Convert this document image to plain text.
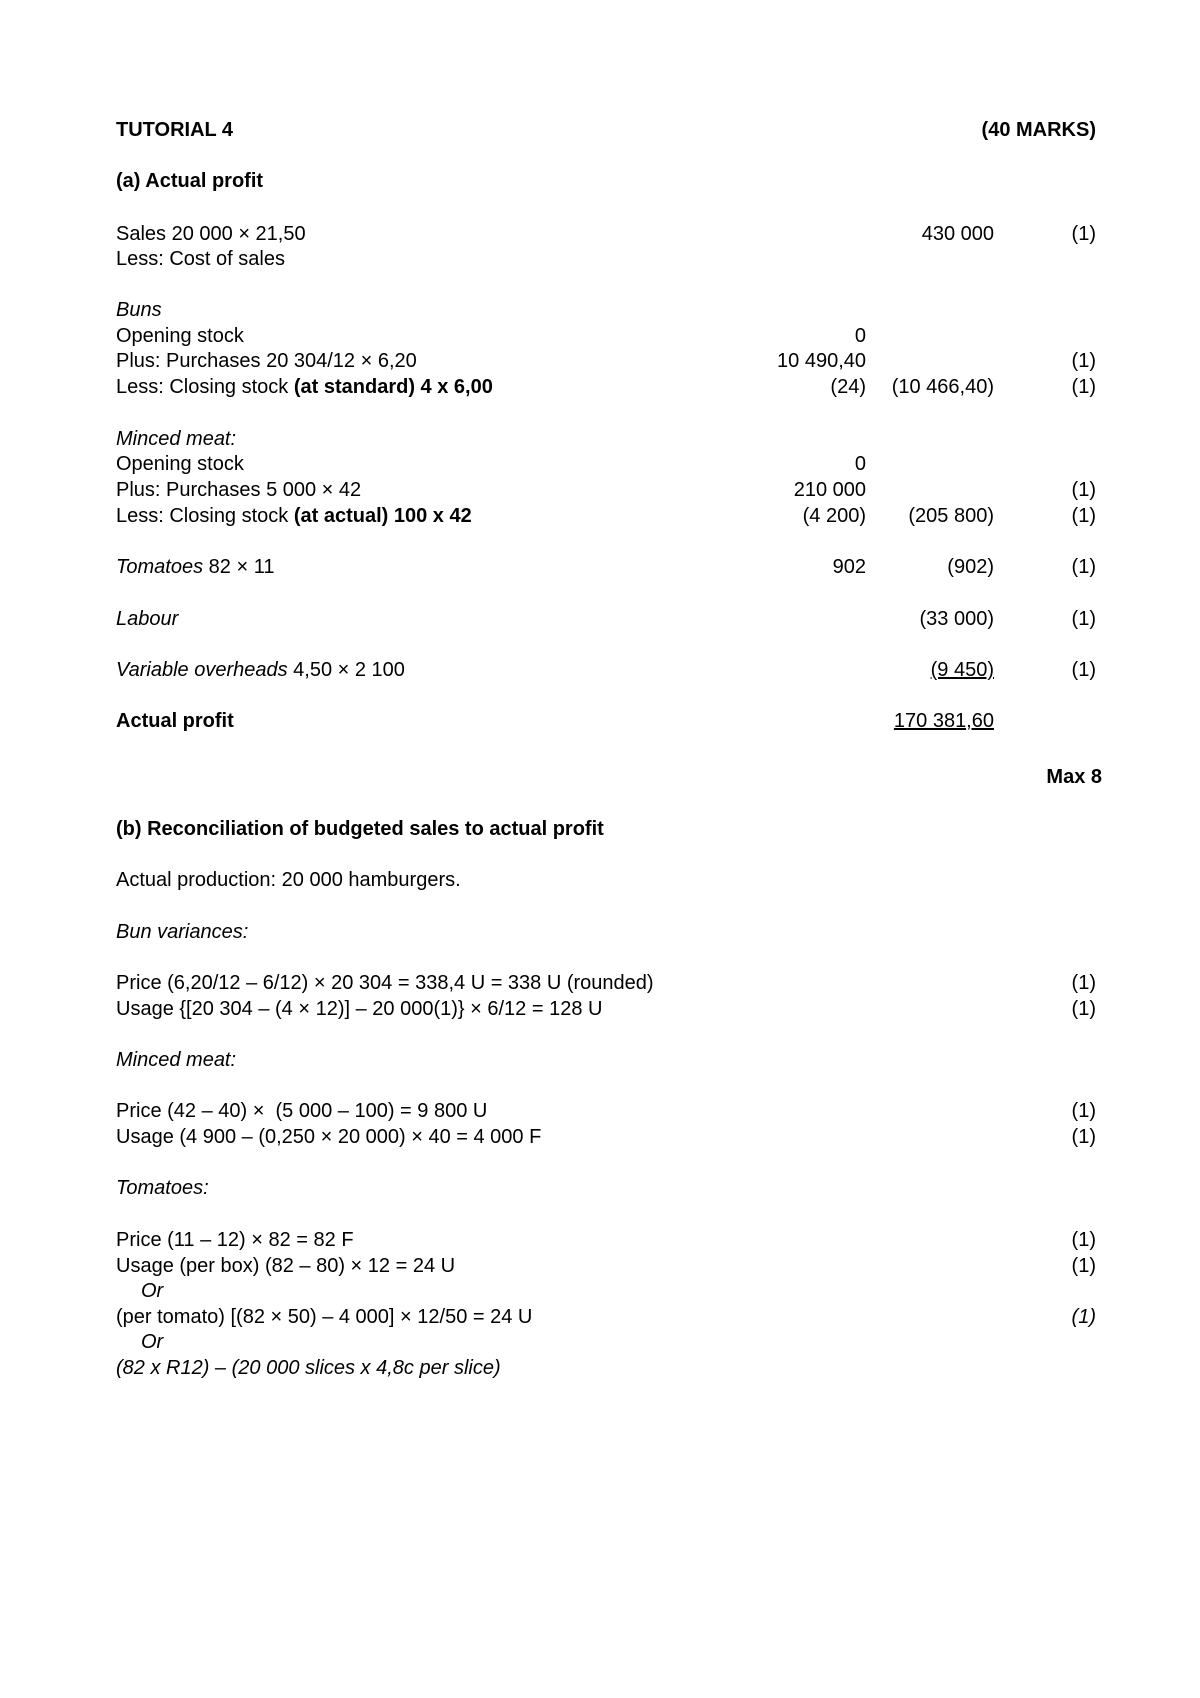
TUTORIAL 4	(40 MARKS)
(a) Actual profit
Sales 20 000 × 21,50	430 000	(1)
Less: Cost of sales
Buns
Opening stock	0
Plus: Purchases 20 304/12 × 6,20	10 490,40	(1)
Less: Closing stock (at standard) 4 x 6,00	(24)	(10 466,40)	(1)
Minced meat:
Opening stock	0
Plus: Purchases 5 000 × 42	210 000	(1)
Less: Closing stock (at actual) 100 x 42	(4 200)	(205 800)	(1)
Tomatoes 82 × 11	902	(902)	(1)
Labour	(33 000)	(1)
Variable overheads 4,50 × 2 100	(9 450)	(1)
Actual profit	170 381,60
Max 8
(b) Reconciliation of budgeted sales to actual profit
Actual production: 20 000 hamburgers.
Bun variances:
Price (6,20/12 – 6/12) × 20 304 = 338,4 U = 338 U (rounded)	(1)
Usage {[20 304 – (4 × 12)] – 20 000(1)} × 6/12 = 128 U	(1)
Minced meat:
Price (42 – 40) ×  (5 000 – 100) = 9 800 U	(1)
Usage (4 900 – (0,250 × 20 000) × 40 = 4 000 F	(1)
Tomatoes:
Price (11 – 12) × 82 = 82 F	(1)
Usage (per box) (82 – 80) × 12 = 24 U	(1)
Or
(per tomato) [(82 × 50) – 4 000] × 12/50 = 24 U	(1)
Or
(82 x R12) – (20 000 slices x 4,8c per slice)
